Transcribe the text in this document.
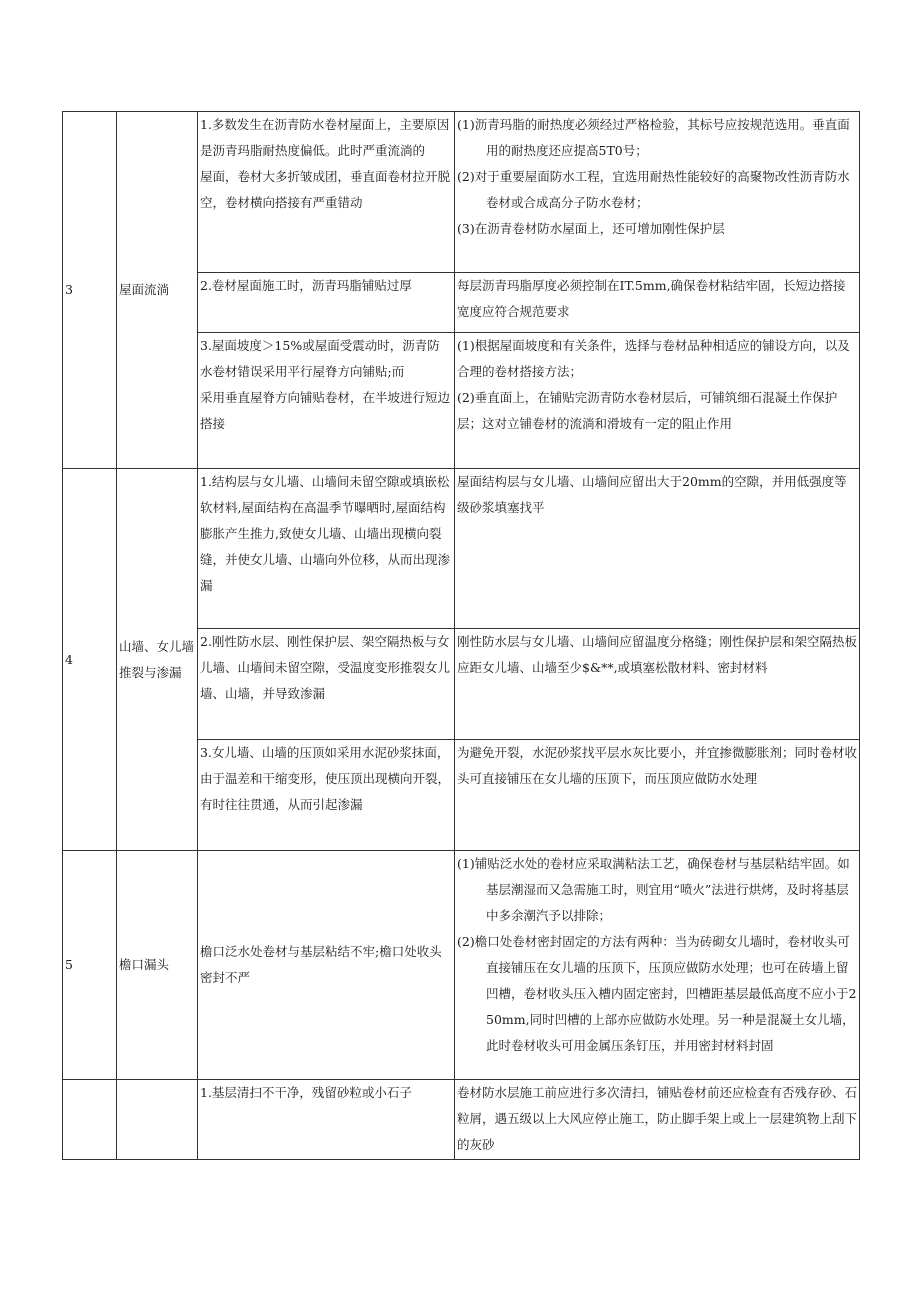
3	屋面流淌	1.多数发生在沥青防水卷材屋面上，主要原因是沥青玛脂耐热度偏低。此时严重流淌的
屋面，卷材大多折皱成团，垂直面卷材拉开脱空，卷材横向搭接有严重错动	(1)沥青玛脂的耐热度必须经过严格检验，其标号应按规范选用。垂直面用的耐热度还应提高5T0号；
(2)对于重要屋面防水工程，宜选用耐热性能较好的高聚物改性沥青防水卷材或合成高分子防水卷材；
(3)在沥青卷材防水屋面上，还可增加刚性保护层

		2.卷材屋面施工时，沥青玛脂铺贴过厚	每层沥青玛脂厚度必须控制在IT.5mm,确保卷材粘结牢固，长短边搭接宽度应符合规范要求

		3.屋面坡度＞15%或屋面受震动时，沥青防水卷材错误采用平行屋脊方向铺贴;而
采用垂直屋脊方向铺贴卷材，在半坡进行短边搭接	(1)根据屋面坡度和有关条件，选择与卷材品种相适应的铺设方向，以及合理的卷材搭接方法；
(2)垂直面上，在铺贴完沥青防水卷材层后，可铺筑细石混凝土作保护层；这对立铺卷材的流淌和滑坡有一定的阻止作用

4	山墙、女儿墙推裂与渗漏	1.结构层与女儿墙、山墙间未留空隙或填嵌松软材料,屋面结构在高温季节曝晒时,屋面结构膨胀产生推力,致使女儿墙、山墙出现横向裂缝，并使女儿墙、山墙向外位移，从而出现渗漏	屋面结构层与女儿墙、山墙间应留出大于20mm的空隙，并用低强度等级砂浆填塞找平

		2.刚性防水层、刚性保护层、架空隔热板与女儿墙、山墙间未留空隙，受温度变形推裂女儿墙、山墙，并导致渗漏	刚性防水层与女儿墙、山墙间应留温度分格缝；刚性保护层和架空隔热板应距女儿墙、山墙至少$&**,或填塞松散材料、密封材料

		3.女儿墙、山墙的压顶如采用水泥砂浆抹面，由于温差和干缩变形，使压顶出现横向开裂，有时往往贯通，从而引起渗漏	为避免开裂，水泥砂浆找平层水灰比要小，并宜掺微膨胀剂；同时卷材收头可直接铺压在女儿墙的压顶下，而压顶应做防水处理

5	檐口漏头	檐口泛水处卷材与基层粘结不牢;檐口处收头密封不严	(1)铺贴泛水处的卷材应采取满粘法工艺，确保卷材与基层粘结牢固。如基层潮湿而又急需施工时，则宜用“喷火”法进行烘烤，及时将基层中多余潮汽予以排除；
(2)檐口处卷材密封固定的方法有两种：当为砖砌女儿墙时，卷材收头可直接铺压在女儿墙的压顶下，压顶应做防水处理；也可在砖墙上留凹槽，卷材收头压入槽内固定密封，凹槽距基层最低高度不应小于250mm,同时凹槽的上部亦应做防水处理。另一种是混凝土女儿墙，此时卷材收头可用金属压条钉压，并用密封材料封固

		1.基层清扫不干净，残留砂粒或小石子	卷材防水层施工前应进行多次清扫，铺贴卷材前还应检查有否残存砂、石粒屑，遇五级以上大风应停止施工，防止脚手架上或上一层建筑物上刮下的灰砂
